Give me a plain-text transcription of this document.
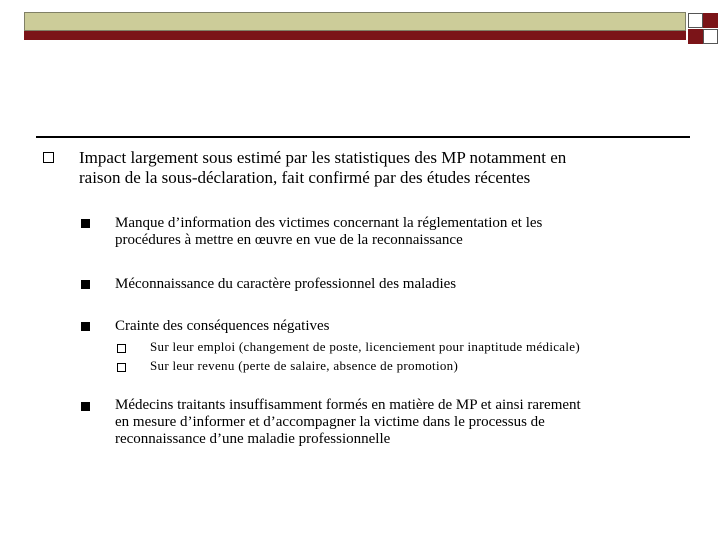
Impact largement sous estimé par les statistiques des MP notamment en

raison de la sous-déclaration, fait confirmé par des études récentes

Manque d’information des victimes concernant la réglementation et les

procédures à mettre en œuvre en vue de la reconnaissance

Méconnaissance du caractère professionnel des maladies

Crainte des conséquences négatives

Sur leur emploi (changement de poste, licenciement pour inaptitude médicale)

Sur leur revenu (perte de salaire, absence de promotion)

Médecins traitants insuffisamment formés en matière de MP et ainsi rarement

en mesure d’informer et d’accompagner la victime dans le processus de

reconnaissance d’une maladie professionnelle
